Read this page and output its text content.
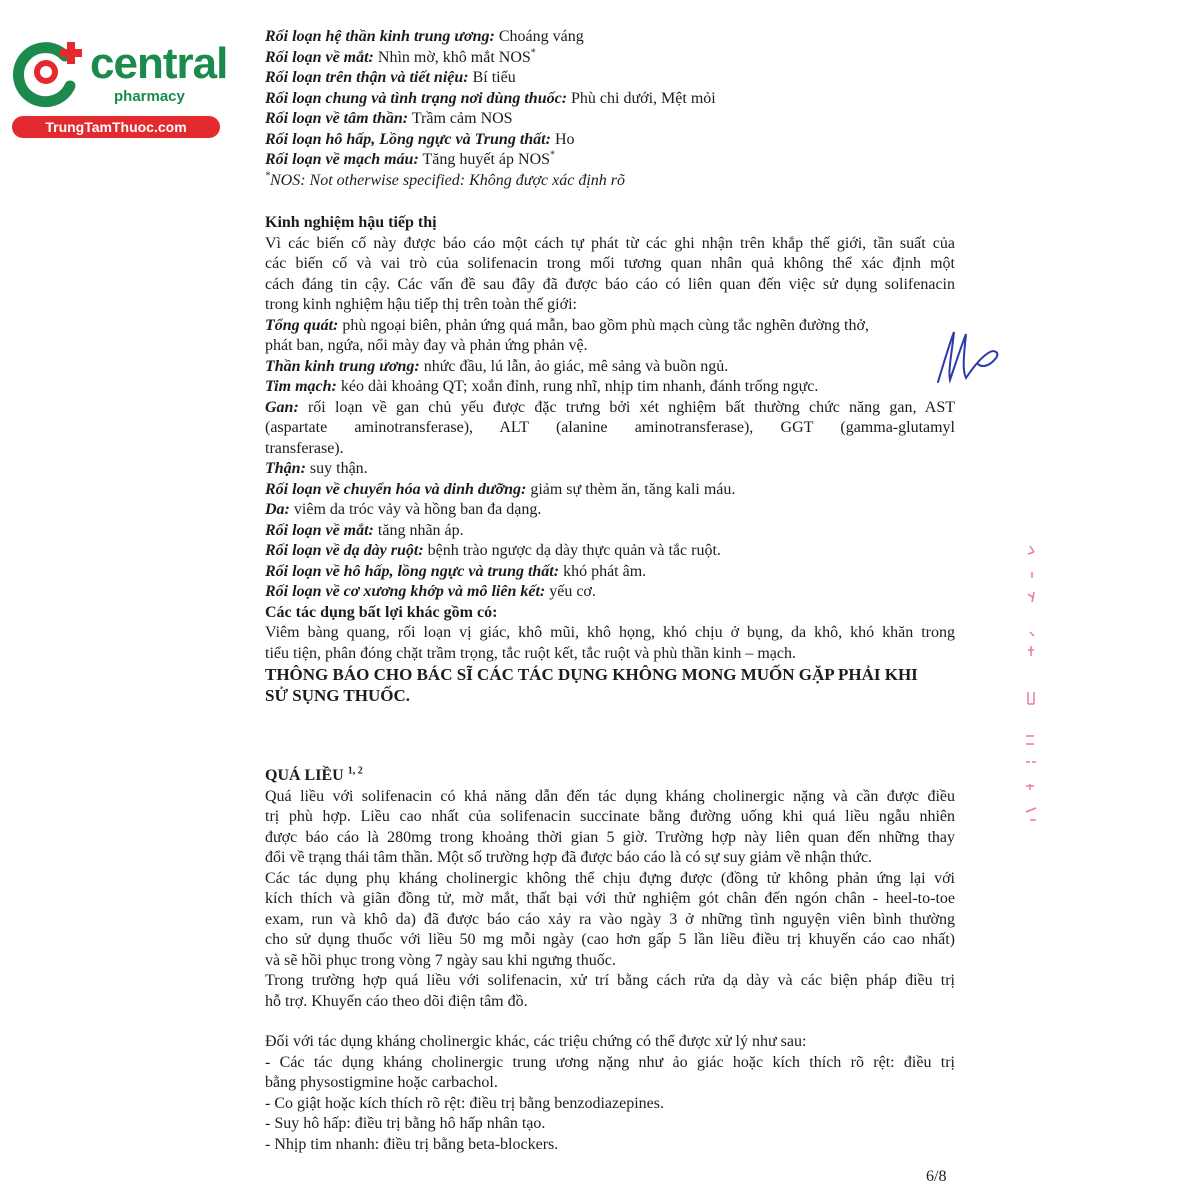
central
pharmacy
TrungTamThuoc.com

Rối loạn hệ thần kinh trung ương: Choáng váng

Rối loạn về mắt: Nhìn mờ, khô mắt NOS*

Rối loạn trên thận và tiết niệu: Bí tiểu

Rối loạn chung và tình trạng nơi dùng thuốc: Phù chi dưới, Mệt mỏi

Rối loạn về tâm thần: Trầm cảm NOS

Rối loạn hô hấp, Lồng ngực và Trung thất: Ho

Rối loạn về mạch máu: Tăng huyết áp NOS*

*NOS: Not otherwise specified: Không được xác định rõ

Kinh nghiệm hậu tiếp thị

Vì các biến cố này được báo cáo một cách tự phát từ các ghi nhận trên khắp thế giới, tần suất của

các biến cố và vai trò của solifenacin trong mối tương quan nhân quả không thể xác định một

cách đáng tin cậy. Các vấn đề sau đây đã được báo cáo có liên quan đến việc sử dụng solifenacin

trong kinh nghiệm hậu tiếp thị trên toàn thế giới:

Tổng quát: phù ngoại biên, phản ứng quá mẫn, bao gồm phù mạch cùng tắc nghẽn đường thở,

phát ban, ngứa, nổi mày đay và phản ứng phản vệ.

Thần kinh trung ương: nhức đầu, lú lẫn, ảo giác, mê sảng và buồn ngủ.

Tim mạch: kéo dài khoảng QT; xoắn đỉnh, rung nhĩ, nhịp tim nhanh, đánh trống ngực.

Gan: rối loạn về gan chủ yếu được đặc trưng bởi xét nghiệm bất thường chức năng gan, AST

(aspartate aminotransferase), ALT (alanine aminotransferase), GGT (gamma-glutamyl

transferase).

Thận: suy thận.

Rối loạn về chuyển hóa và dinh dưỡng: giảm sự thèm ăn, tăng kali máu.

Da: viêm da tróc vảy và hồng ban đa dạng.

Rối loạn về mắt: tăng nhãn áp.

Rối loạn về dạ dày ruột: bệnh trào ngược dạ dày thực quản và tắc ruột.

Rối loạn về hô hấp, lồng ngực và trung thất: khó phát âm.

Rối loạn về cơ xương khớp và mô liên kết: yếu cơ.

Các tác dụng bất lợi khác gồm có:

Viêm bàng quang, rối loạn vị giác, khô mũi, khô họng, khó chịu ở bụng, da khô, khó khăn trong

tiểu tiện, phân đóng chặt trầm trọng, tắc ruột kết, tắc ruột và phù thần kinh – mạch.

THÔNG BÁO CHO BÁC SĨ CÁC TÁC DỤNG KHÔNG MONG MUỐN GẶP PHẢI KHI

SỬ SỤNG THUỐC.

QUÁ LIỀU $^{1, 2}$

Quá liều với solifenacin có khả năng dẫn đến tác dụng kháng cholinergic nặng và cần được điều

trị phù hợp. Liều cao nhất của solifenacin succinate bằng đường uống khi quá liều ngẫu nhiên

được báo cáo là 280mg trong khoảng thời gian 5 giờ. Trường hợp này liên quan đến những thay

đổi về trạng thái tâm thần. Một số trường hợp đã được báo cáo là có sự suy giảm về nhận thức.

Các tác dụng phụ kháng cholinergic không thể chịu đựng được (đồng tử không phản ứng lại với

kích thích và giãn đồng tử, mờ mắt, thất bại với thử nghiệm gót chân đến ngón chân - heel-to-toe

exam, run và khô da) đã được báo cáo xảy ra vào ngày 3 ở những tình nguyện viên bình thường

cho sử dụng thuốc với liều 50 mg mỗi ngày (cao hơn gấp 5 lần liều điều trị khuyến cáo cao nhất)

và sẽ hồi phục trong vòng 7 ngày sau khi ngưng thuốc.

Trong trường hợp quá liều với solifenacin, xử trí bằng cách rửa dạ dày và các biện pháp điều trị

hỗ trợ. Khuyến cáo theo dõi điện tâm đồ.

Đối với tác dụng kháng cholinergic khác, các triệu chứng có thể được xử lý như sau:

- Các tác dụng kháng cholinergic trung ương nặng như ảo giác hoặc kích thích rõ rệt: điều trị

bằng physostigmine hoặc carbachol.

- Co giật hoặc kích thích rõ rệt: điều trị bằng benzodiazepines.

- Suy hô hấp: điều trị bằng hô hấp nhân tạo.

- Nhịp tim nhanh: điều trị bằng beta-blockers.

6/8
